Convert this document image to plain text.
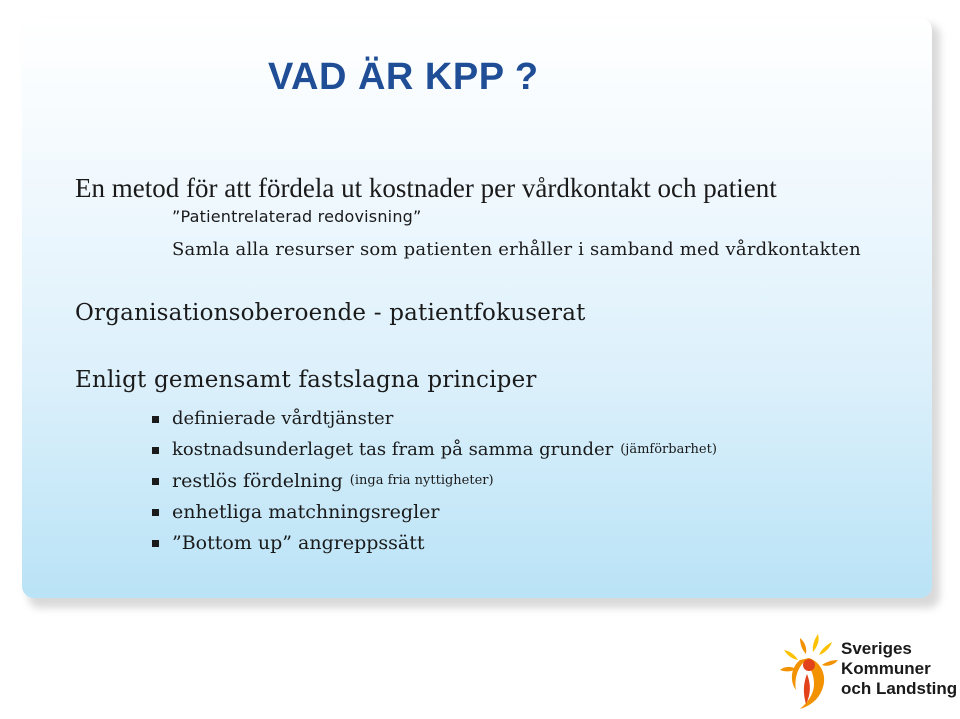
VAD ÄR KPP ?
En metod för att fördela ut kostnader per vårdkontakt och patient
”Patientrelaterad redovisning”
Samla alla resurser som patienten erhåller i samband med vårdkontakten
Organisationsoberoende - patientfokuserat
Enligt gemensamt fastslagna principer
definierade vårdtjänster
kostnadsunderlaget tas fram på samma grunder (jämförbarhet)
restlös fördelning (inga fria nyttigheter)
enhetliga matchningsregler
”Bottom up” angreppssätt
Sveriges
Kommuner
och Landsting
